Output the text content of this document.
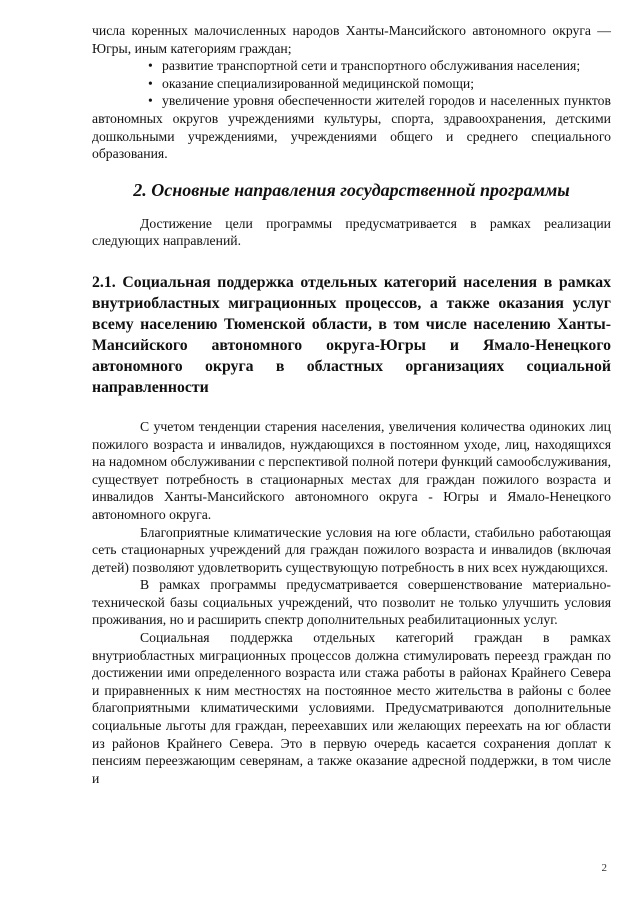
числа коренных малочисленных народов Ханты-Мансийского автономного округа — Югры, иным категориям граждан;

• развитие транспортной сети и транспортного обслуживания населения;

• оказание специализированной медицинской помощи;

• увеличение уровня обеспеченности жителей городов и населенных пунктов автономных округов учреждениями культуры, спорта, здравоохранения, детскими дошкольными учреждениями, учреждениями общего и среднего специального образования.

2. Основные направления государственной программы

Достижение цели программы предусматривается в рамках реализации следующих направлений.

2.1. Социальная поддержка отдельных категорий населения в рамках внутриобластных миграционных процессов, а также оказания услуг всему населению Тюменской области, в том числе населению Ханты-Мансийского автономного округа-Югры и Ямало-Ненецкого автономного округа в областных организациях социальной направленности

С учетом тенденции старения населения, увеличения количества одиноких лиц пожилого возраста и инвалидов, нуждающихся в постоянном уходе, лиц, находящихся на надомном обслуживании с перспективой полной потери функций самообслуживания, существует потребность в стационарных местах для граждан пожилого возраста и инвалидов Ханты-Мансийского автономного округа - Югры и Ямало-Ненецкого автономного округа.

Благоприятные климатические условия на юге области, стабильно работающая сеть стационарных учреждений для граждан пожилого возраста и инвалидов (включая детей) позволяют удовлетворить существующую потребность в них всех нуждающихся.

В рамках программы предусматривается совершенствование материально-технической базы социальных учреждений, что позволит не только улучшить условия проживания, но и расширить спектр дополнительных реабилитационных услуг.

Социальная поддержка отдельных категорий граждан в рамках внутриобластных миграционных процессов должна стимулировать переезд граждан по достижении ими определенного возраста или стажа работы в районах Крайнего Севера и приравненных к ним местностях на постоянное место жительства в районы с более благоприятными климатическими условиями. Предусматриваются дополнительные социальные льготы для граждан, переехавших или желающих переехать на юг области из районов Крайнего Севера. Это в первую очередь касается сохранения доплат к пенсиям переезжающим северянам, а также оказание адресной поддержки, в том числе и

2
